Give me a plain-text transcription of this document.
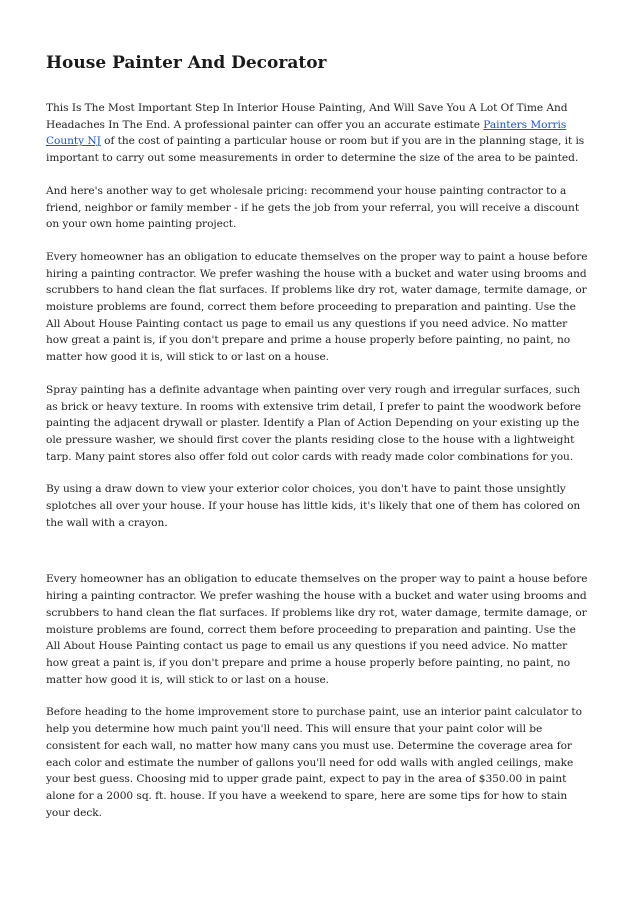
House Painter And Decorator

This Is The Most Important Step In Interior House Painting, And Will Save You A Lot Of Time And Headaches In The End. A professional painter can offer you an accurate estimate Painters Morris County NJ of the cost of painting a particular house or room but if you are in the planning stage, it is important to carry out some measurements in order to determine the size of the area to be painted.

And here's another way to get wholesale pricing: recommend your house painting contractor to a friend, neighbor or family member - if he gets the job from your referral, you will receive a discount on your own home painting project.

Every homeowner has an obligation to educate themselves on the proper way to paint a house before hiring a painting contractor. We prefer washing the house with a bucket and water using brooms and scrubbers to hand clean the flat surfaces. If problems like dry rot, water damage, termite damage, or moisture problems are found, correct them before proceeding to preparation and painting. Use the All About House Painting contact us page to email us any questions if you need advice. No matter how great a paint is, if you don't prepare and prime a house properly before painting, no paint, no matter how good it is, will stick to or last on a house.

Spray painting has a definite advantage when painting over very rough and irregular surfaces, such as brick or heavy texture. In rooms with extensive trim detail, I prefer to paint the woodwork before painting the adjacent drywall or plaster. Identify a Plan of Action Depending on your existing up the ole pressure washer, we should first cover the plants residing close to the house with a lightweight tarp. Many paint stores also offer fold out color cards with ready made color combinations for you.

By using a draw down to view your exterior color choices, you don't have to paint those unsightly splotches all over your house. If your house has little kids, it's likely that one of them has colored on the wall with a crayon.

Every homeowner has an obligation to educate themselves on the proper way to paint a house before hiring a painting contractor. We prefer washing the house with a bucket and water using brooms and scrubbers to hand clean the flat surfaces. If problems like dry rot, water damage, termite damage, or moisture problems are found, correct them before proceeding to preparation and painting. Use the All About House Painting contact us page to email us any questions if you need advice. No matter how great a paint is, if you don't prepare and prime a house properly before painting, no paint, no matter how good it is, will stick to or last on a house.

Before heading to the home improvement store to purchase paint, use an interior paint calculator to help you determine how much paint you'll need. This will ensure that your paint color will be consistent for each wall, no matter how many cans you must use. Determine the coverage area for each color and estimate the number of gallons you'll need for odd walls with angled ceilings, make your best guess. Choosing mid to upper grade paint, expect to pay in the area of $350.00 in paint alone for a 2000 sq. ft. house. If you have a weekend to spare, here are some tips for how to stain your deck.
